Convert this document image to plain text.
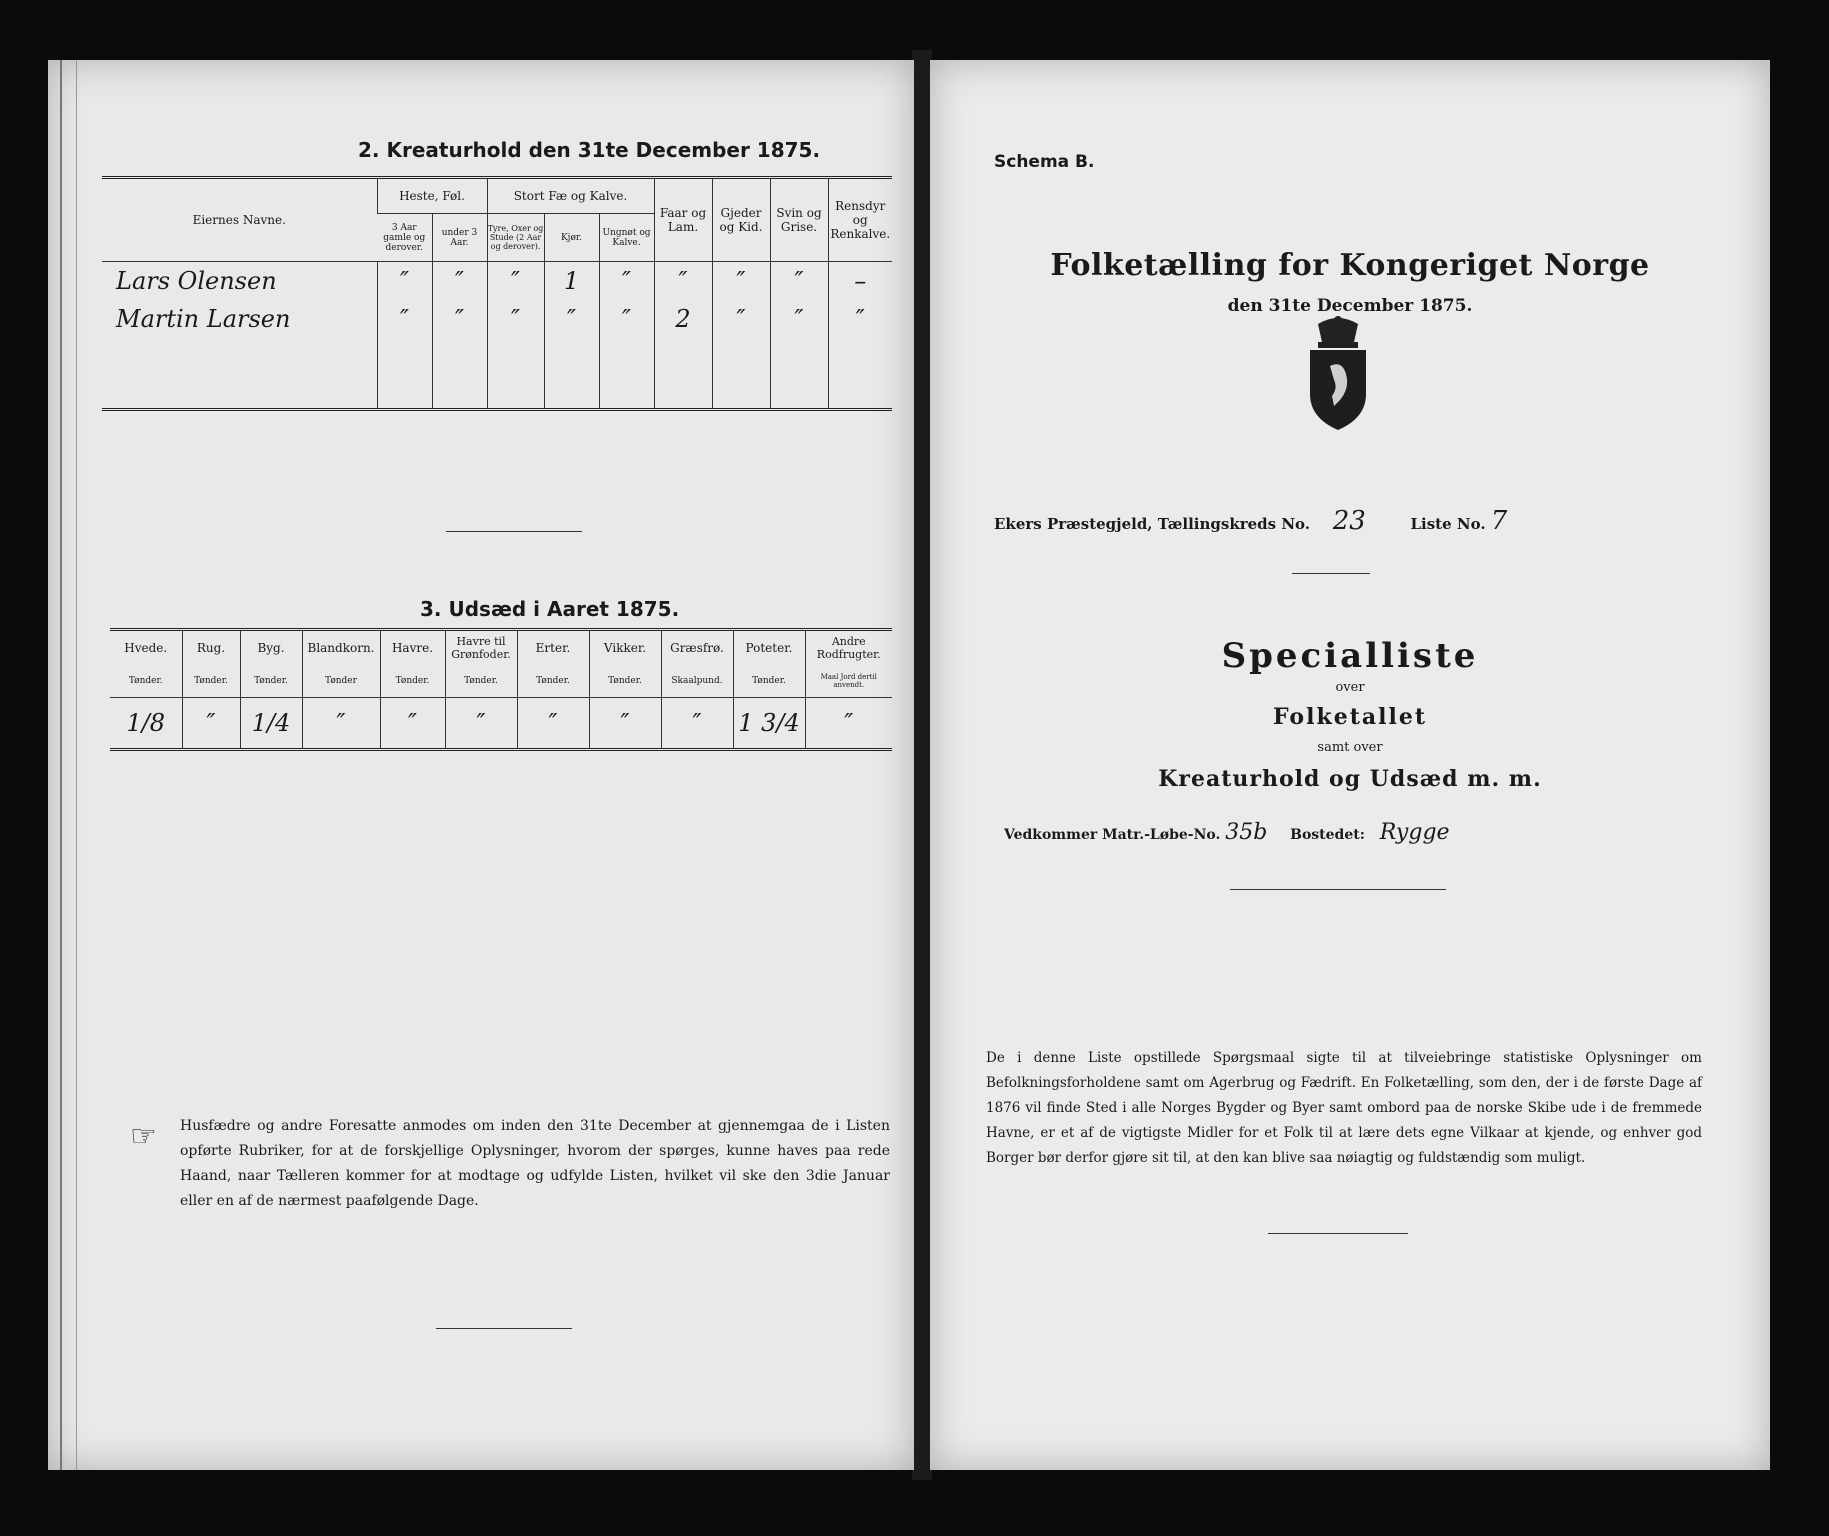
2. Kreaturhold den 31te December 1875.
Eiernes Navne.	Heste, Føl.		Stort Fæ og Kalve.			Faar og Lam.	Gjeder og Kid.	Svin og Grise.	Rensdyr og Renkalve.
	3 Aar gamle og derover.	under 3 Aar.	Tyre, Oxer og Stude (2 Aar og derover).	Kjør.	Ungnøt og Kalve.				
Lars Olensen	″	″	″	1	″	″	″	″	–
Martin Larsen	″	″	″	″	″	2	″	″	″

3. Udsæd i Aaret 1875.
Hvede.	Rug.	Byg.	Blandkorn.	Havre.	Havre til Grønfoder.	Erter.	Vikker.	Græsfrø.	Poteter.	Andre Rodfrugter.
Tønder.	Tønder.	Tønder.	Tønder	Tønder.	Tønder.	Tønder.	Tønder.	Skaalpund.	Tønder.	Maal Jord dertil anvendt.
1/8	″	1/4	″	″	″	″	″	″	1 3/4	″
☞ Husfædre og andre Foresatte anmodes om inden den 31te December at gjennemgaa de i Listen opførte Rubriker, for at de forskjellige Oplysninger, hvorom der spørges, kunne haves paa rede Haand, naar Tælleren kommer for at modtage og udfylde Listen, hvilket vil ske den 3die Januar eller en af de nærmest paafølgende Dage.
Schema B.
Folketælling for Kongeriget Norge
den 31te December 1875.
Ekers Præstegjeld, Tællingskreds No. 23	Liste No. 7
Specialliste
over
Folketallet
samt over
Kreaturhold og Udsæd m. m.
Vedkommer Matr.-Løbe-No. 35b Bostedet: Rygge
De i denne Liste opstillede Spørgsmaal sigte til at tilveiebringe statistiske Oplysninger om Befolkningsforholdene samt om Agerbrug og Fædrift. En Folketælling, som den, der i de første Dage af 1876 vil finde Sted i alle Norges Bygder og Byer samt ombord paa de norske Skibe ude i de fremmede Havne, er et af de vigtigste Midler for et Folk til at lære dets egne Vilkaar at kjende, og enhver god Borger bør derfor gjøre sit til, at den kan blive saa nøiagtig og fuldstændig som muligt.
